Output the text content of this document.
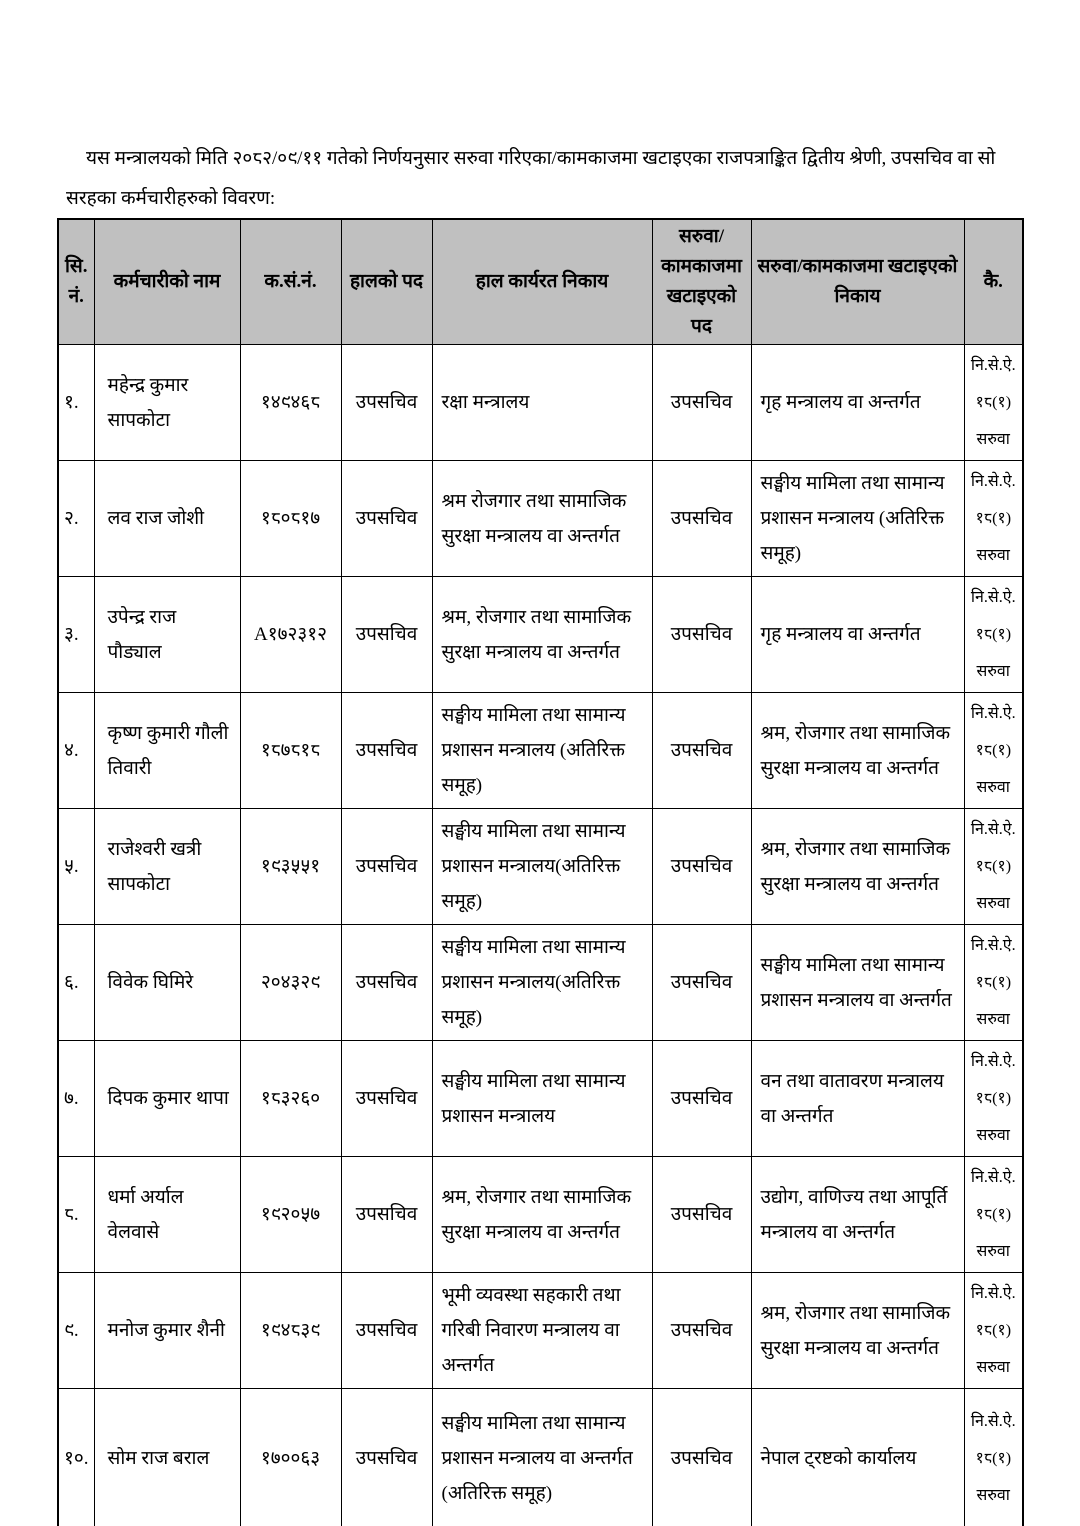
यस मन्त्रालयको मिति २०८२/०९/११ गतेको निर्णयनुसार सरुवा गरिएका/कामकाजमा खटाइएका राजपत्राङ्कित द्वितीय श्रेणी, उपसचिव वा सो सरहका कर्मचारीहरुको विवरण:

सि. नं.	कर्मचारीको नाम	क.सं.नं.	हालको पद	हाल कार्यरत निकाय	सरुवा/ कामकाजमा खटाइएको पद	सरुवा/कामकाजमा खटाइएको निकाय	कै.
१.	महेन्द्र कुमार सापकोटा	१४९४६८	उपसचिव	रक्षा मन्त्रालय	उपसचिव	गृह मन्त्रालय वा अन्तर्गत	नि.से.ऐ. १८(१) सरुवा
२.	लव राज जोशी	१८०८१७	उपसचिव	श्रम रोजगार तथा सामाजिक सुरक्षा मन्त्रालय वा अन्तर्गत	उपसचिव	सङ्घीय मामिला तथा सामान्य प्रशासन मन्त्रालय (अतिरिक्त समूह)	नि.से.ऐ. १८(१) सरुवा
३.	उपेन्द्र राज पौड्याल	A१७२३१२	उपसचिव	श्रम, रोजगार तथा सामाजिक सुरक्षा मन्त्रालय वा अन्तर्गत	उपसचिव	गृह मन्त्रालय वा अन्तर्गत	नि.से.ऐ. १८(१) सरुवा
४.	कृष्ण कुमारी गौली तिवारी	१८७८१८	उपसचिव	सङ्घीय मामिला तथा सामान्य प्रशासन मन्त्रालय (अतिरिक्त समूह)	उपसचिव	श्रम, रोजगार तथा सामाजिक सुरक्षा मन्त्रालय वा अन्तर्गत	नि.से.ऐ. १८(१) सरुवा
५.	राजेश्वरी खत्री सापकोटा	१९३५५१	उपसचिव	सङ्घीय मामिला तथा सामान्य प्रशासन मन्त्रालय(अतिरिक्त समूह)	उपसचिव	श्रम, रोजगार तथा सामाजिक सुरक्षा मन्त्रालय वा अन्तर्गत	नि.से.ऐ. १८(१) सरुवा
६.	विवेक घिमिरे	२०४३२९	उपसचिव	सङ्घीय मामिला तथा सामान्य प्रशासन मन्त्रालय(अतिरिक्त समूह)	उपसचिव	सङ्घीय मामिला तथा सामान्य प्रशासन मन्त्रालय वा अन्तर्गत	नि.से.ऐ. १८(१) सरुवा
७.	दिपक कुमार थापा	१८३२६०	उपसचिव	सङ्घीय मामिला तथा सामान्य प्रशासन मन्त्रालय	उपसचिव	वन तथा वातावरण मन्त्रालय वा अन्तर्गत	नि.से.ऐ. १८(१) सरुवा
८.	धर्मा अर्याल वेलवासे	१९२०५७	उपसचिव	श्रम, रोजगार तथा सामाजिक सुरक्षा मन्त्रालय वा अन्तर्गत	उपसचिव	उद्योग, वाणिज्य तथा आपूर्ति मन्त्रालय वा अन्तर्गत	नि.से.ऐ. १८(१) सरुवा
९.	मनोज कुमार शैनी	१९४८३९	उपसचिव	भूमी व्यवस्था सहकारी तथा गरिबी निवारण मन्त्रालय वा अन्तर्गत	उपसचिव	श्रम, रोजगार तथा सामाजिक सुरक्षा मन्त्रालय वा अन्तर्गत	नि.से.ऐ. १८(१) सरुवा
१०.	सोम राज बराल	१७००६३	उपसचिव	सङ्घीय मामिला तथा सामान्य प्रशासन मन्त्रालय वा अन्तर्गत (अतिरिक्त समूह)	उपसचिव	नेपाल ट्रष्टको कार्यालय	नि.से.ऐ. १८(१) सरुवा
